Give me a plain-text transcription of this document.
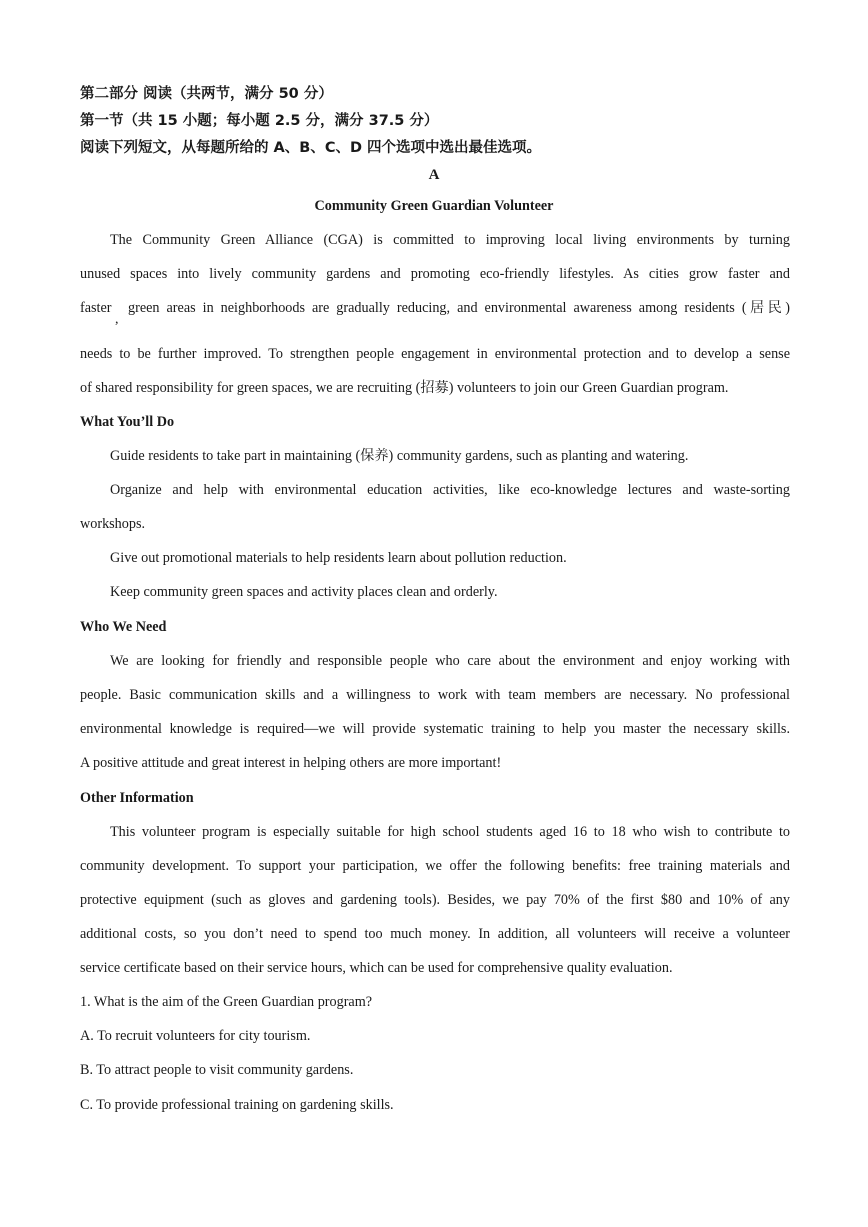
第二部分 阅读（共两节，满分 50 分）
第一节（共 15 小题；每小题 2.5 分，满分 37.5 分）
阅读下列短文，从每题所给的 A、B、C、D 四个选项中选出最佳选项。
A
Community Green Guardian Volunteer
The Community Green Alliance (CGA) is committed to improving local living environments by turning
unused spaces into lively community gardens and promoting eco-friendly lifestyles. As cities grow faster and
faster	green areas in neighborhoods are gradually reducing, and environmental awareness among residents (居民)
,
needs to be further improved. To strengthen people engagement in environmental protection and to develop a sense
of shared responsibility for green spaces, we are recruiting (招募) volunteers to join our Green Guardian program.
What You’ll Do
Guide residents to take part in maintaining (保养) community gardens, such as planting and watering.
Organize and help with environmental education activities, like eco-knowledge lectures and waste-sorting
workshops.
Give out promotional materials to help residents learn about pollution reduction.
Keep community green spaces and activity places clean and orderly.
Who We Need
We are looking for friendly and responsible people who care about the environment and enjoy working with
people. Basic communication skills and a willingness to work with team members are necessary. No professional
environmental knowledge is required—we will provide systematic training to help you master the necessary skills.
A positive attitude and great interest in helping others are more important!
Other Information
This volunteer program is especially suitable for high school students aged 16 to 18 who wish to contribute to
community development. To support your participation, we offer the following benefits: free training materials and
protective equipment (such as gloves and gardening tools). Besides, we pay 70% of the first $80 and 10% of any
additional costs, so you don’t need to spend too much money. In addition, all volunteers will receive a volunteer
service certificate based on their service hours, which can be used for comprehensive quality evaluation.
1. What is the aim of the Green Guardian program?
A. To recruit volunteers for city tourism.
B. To attract people to visit community gardens.
C. To provide professional training on gardening skills.
